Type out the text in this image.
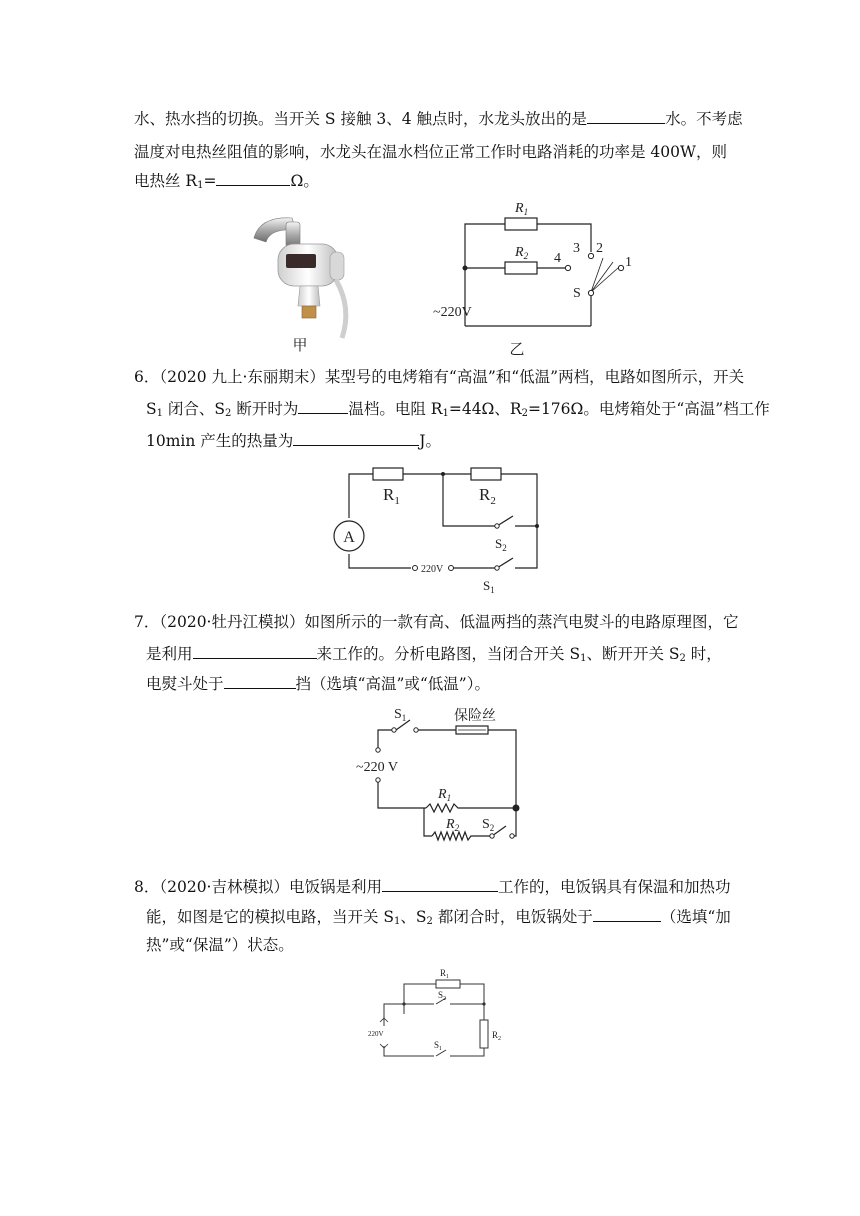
水、热水挡的切换。当开关 S 接触 3、4 触点时，水龙头放出的是	水。不考虑
温度对电热丝阻值的影响，水龙头在温水档位正常工作时电路消耗的功率是 400W，则
电热丝 $R_1=$	Ω。
甲
$R_1$
$R_2$	3
4
2
1
S
~220V
乙
6．（2020 九上·东丽期末）某型号的电烤箱有“高温”和“低温”两档，电路如图所示，开关
$S_1$ 闭合、$S_2$ 断开时为	温档。电阻 $R_1=44\Omega$、$R_2=176\Omega$。电烤箱处于“高温”档工作
10min 产生的热量为	J。
A
$R_1$	$R_2$
220V
$S_2$
$S_1$
7．（2020·牡丹江模拟）如图所示的一款有高、低温两挡的蒸汽电熨斗的电路原理图，它
是利用	来工作的。分析电路图，当闭合开关 $S_1$、断开开关 $S_2$ 时，
电熨斗处于	挡（选填“高温”或“低温”）。
$S_1$	保险丝
~220 V
$R_1$
$R_2$ $S_2$
8．（2020·吉林模拟）电饭锅是利用	工作的，电饭锅具有保温和加热功
能，如图是它的模拟电路，当开关 $S_1$、$S_2$ 都闭合时，电饭锅处于	（选填“加
热”或“保温”）状态。
$R_1$
$S_2$
220V	$R_2$
$S_1$
